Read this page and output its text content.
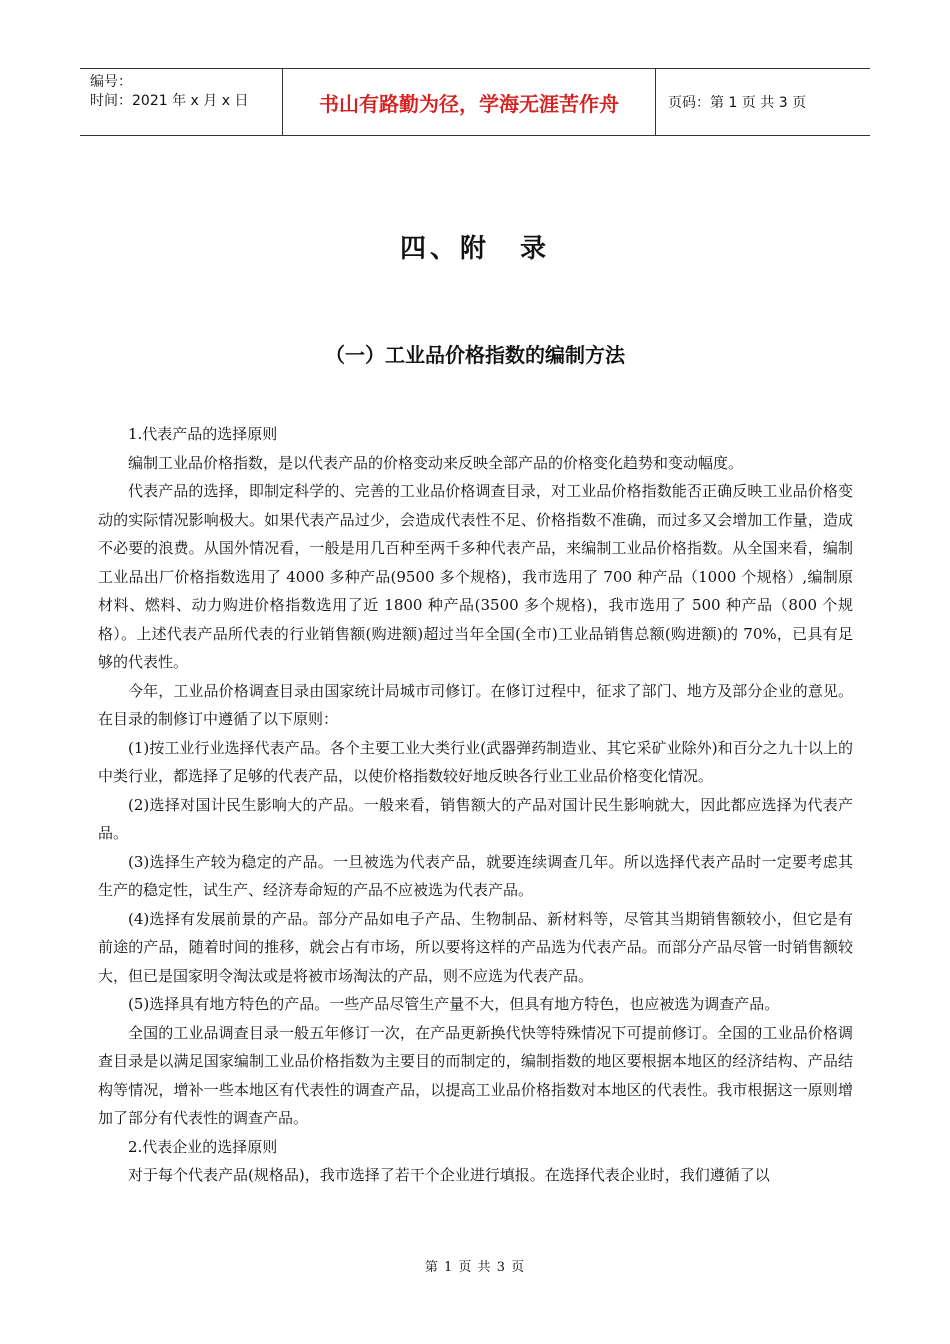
编号：
时间：2021 年 x 月 x 日	书山有路勤为径，学海无涯苦作舟	页码：第 1 页 共 3 页
四、附　录
（一）工业品价格指数的编制方法

1.代表产品的选择原则

编制工业品价格指数，是以代表产品的价格变动来反映全部产品的价格变化趋势和变动幅度。

代表产品的选择，即制定科学的、完善的工业品价格调查目录，对工业品价格指数能否正确反映工业品价格变动的实际情况影响极大。如果代表产品过少，会造成代表性不足、价格指数不准确，而过多又会增加工作量，造成不必要的浪费。从国外情况看，一般是用几百种至两千多种代表产品，来编制工业品价格指数。从全国来看，编制工业品出厂价格指数选用了 4000 多种产品(9500 多个规格)，我市选用了 700 种产品（1000 个规格）,编制原材料、燃料、动力购进价格指数选用了近 1800 种产品(3500 多个规格)，我市选用了 500 种产品（800 个规格）。上述代表产品所代表的行业销售额(购进额)超过当年全国(全市)工业品销售总额(购进额)的 70%，已具有足够的代表性。

今年，工业品价格调查目录由国家统计局城市司修订。在修订过程中，征求了部门、地方及部分企业的意见。在目录的制修订中遵循了以下原则：

(1)按工业行业选择代表产品。各个主要工业大类行业(武器弹药制造业、其它采矿业除外)和百分之九十以上的中类行业，都选择了足够的代表产品，以使价格指数较好地反映各行业工业品价格变化情况。

(2)选择对国计民生影响大的产品。一般来看，销售额大的产品对国计民生影响就大，因此都应选择为代表产品。

(3)选择生产较为稳定的产品。一旦被选为代表产品，就要连续调查几年。所以选择代表产品时一定要考虑其生产的稳定性，试生产、经济寿命短的产品不应被选为代表产品。

(4)选择有发展前景的产品。部分产品如电子产品、生物制品、新材料等，尽管其当期销售额较小，但它是有前途的产品，随着时间的推移，就会占有市场，所以要将这样的产品选为代表产品。而部分产品尽管一时销售额较大，但已是国家明令淘汰或是将被市场淘汰的产品，则不应选为代表产品。

(5)选择具有地方特色的产品。一些产品尽管生产量不大，但具有地方特色，也应被选为调查产品。

全国的工业品调查目录一般五年修订一次，在产品更新换代快等特殊情况下可提前修订。全国的工业品价格调查目录是以满足国家编制工业品价格指数为主要目的而制定的，编制指数的地区要根据本地区的经济结构、产品结构等情况，增补一些本地区有代表性的调查产品，以提高工业品价格指数对本地区的代表性。我市根据这一原则增加了部分有代表性的调查产品。

2.代表企业的选择原则

对于每个代表产品(规格品)，我市选择了若干个企业进行填报。在选择代表企业时，我们遵循了以

第 1 页 共 3 页
